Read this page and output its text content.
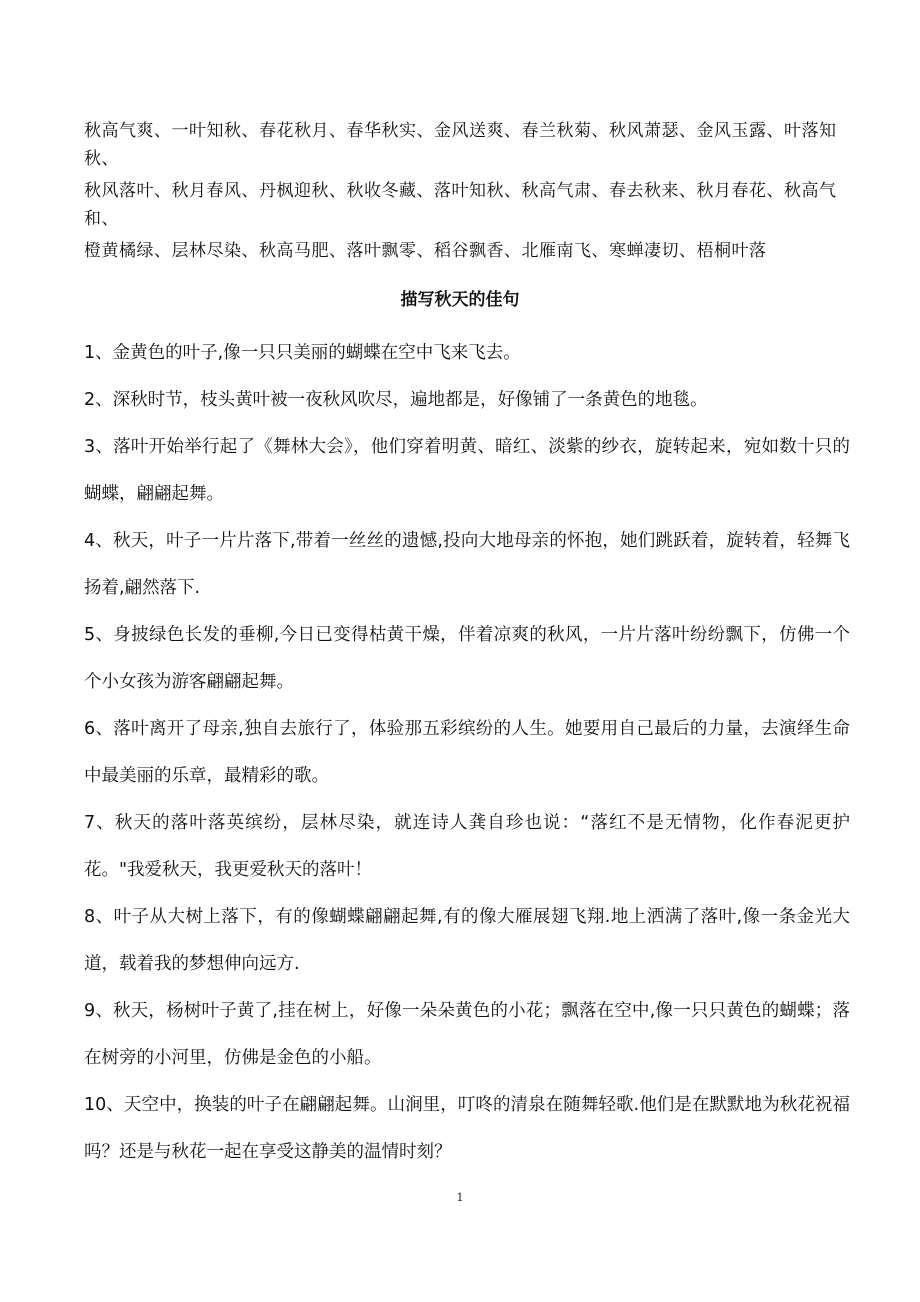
秋高气爽、一叶知秋、春花秋月、春华秋实、金风送爽、春兰秋菊、秋风萧瑟、金风玉露、叶落知秋、

秋风落叶、秋月春风、丹枫迎秋、秋收冬藏、落叶知秋、秋高气肃、春去秋来、秋月春花、秋高气和、

橙黄橘绿、层林尽染、秋高马肥、落叶飘零、稻谷飘香、北雁南飞、寒蝉凄切、梧桐叶落

描写秋天的佳句

1、金黄色的叶子,像一只只美丽的蝴蝶在空中飞来飞去。

2、深秋时节，枝头黄叶被一夜秋风吹尽，遍地都是，好像铺了一条黄色的地毯。

3、落叶开始举行起了《舞林大会》，他们穿着明黄、暗红、淡紫的纱衣，旋转起来，宛如数十只的蝴蝶，翩翩起舞。

4、秋天，叶子一片片落下,带着一丝丝的遗憾,投向大地母亲的怀抱，她们跳跃着，旋转着，轻舞飞扬着,翩然落下.

5、身披绿色长发的垂柳,今日已变得枯黄干燥，伴着凉爽的秋风，一片片落叶纷纷飘下，仿佛一个个小女孩为游客翩翩起舞。

6、落叶离开了母亲,独自去旅行了，体验那五彩缤纷的人生。她要用自己最后的力量，去演绎生命中最美丽的乐章，最精彩的歌。

7、秋天的落叶落英缤纷，层林尽染，就连诗人龚自珍也说：“落红不是无情物，化作春泥更护花。"我爱秋天，我更爱秋天的落叶！

8、叶子从大树上落下，有的像蝴蝶翩翩起舞,有的像大雁展翅飞翔.地上洒满了落叶,像一条金光大道，载着我的梦想伸向远方.

9、秋天，杨树叶子黄了,挂在树上，好像一朵朵黄色的小花；飘落在空中,像一只只黄色的蝴蝶；落在树旁的小河里，仿佛是金色的小船。

10、天空中，换装的叶子在翩翩起舞。山涧里，叮咚的清泉在随舞轻歌.他们是在默默地为秋花祝福吗？还是与秋花一起在享受这静美的温情时刻？

1
